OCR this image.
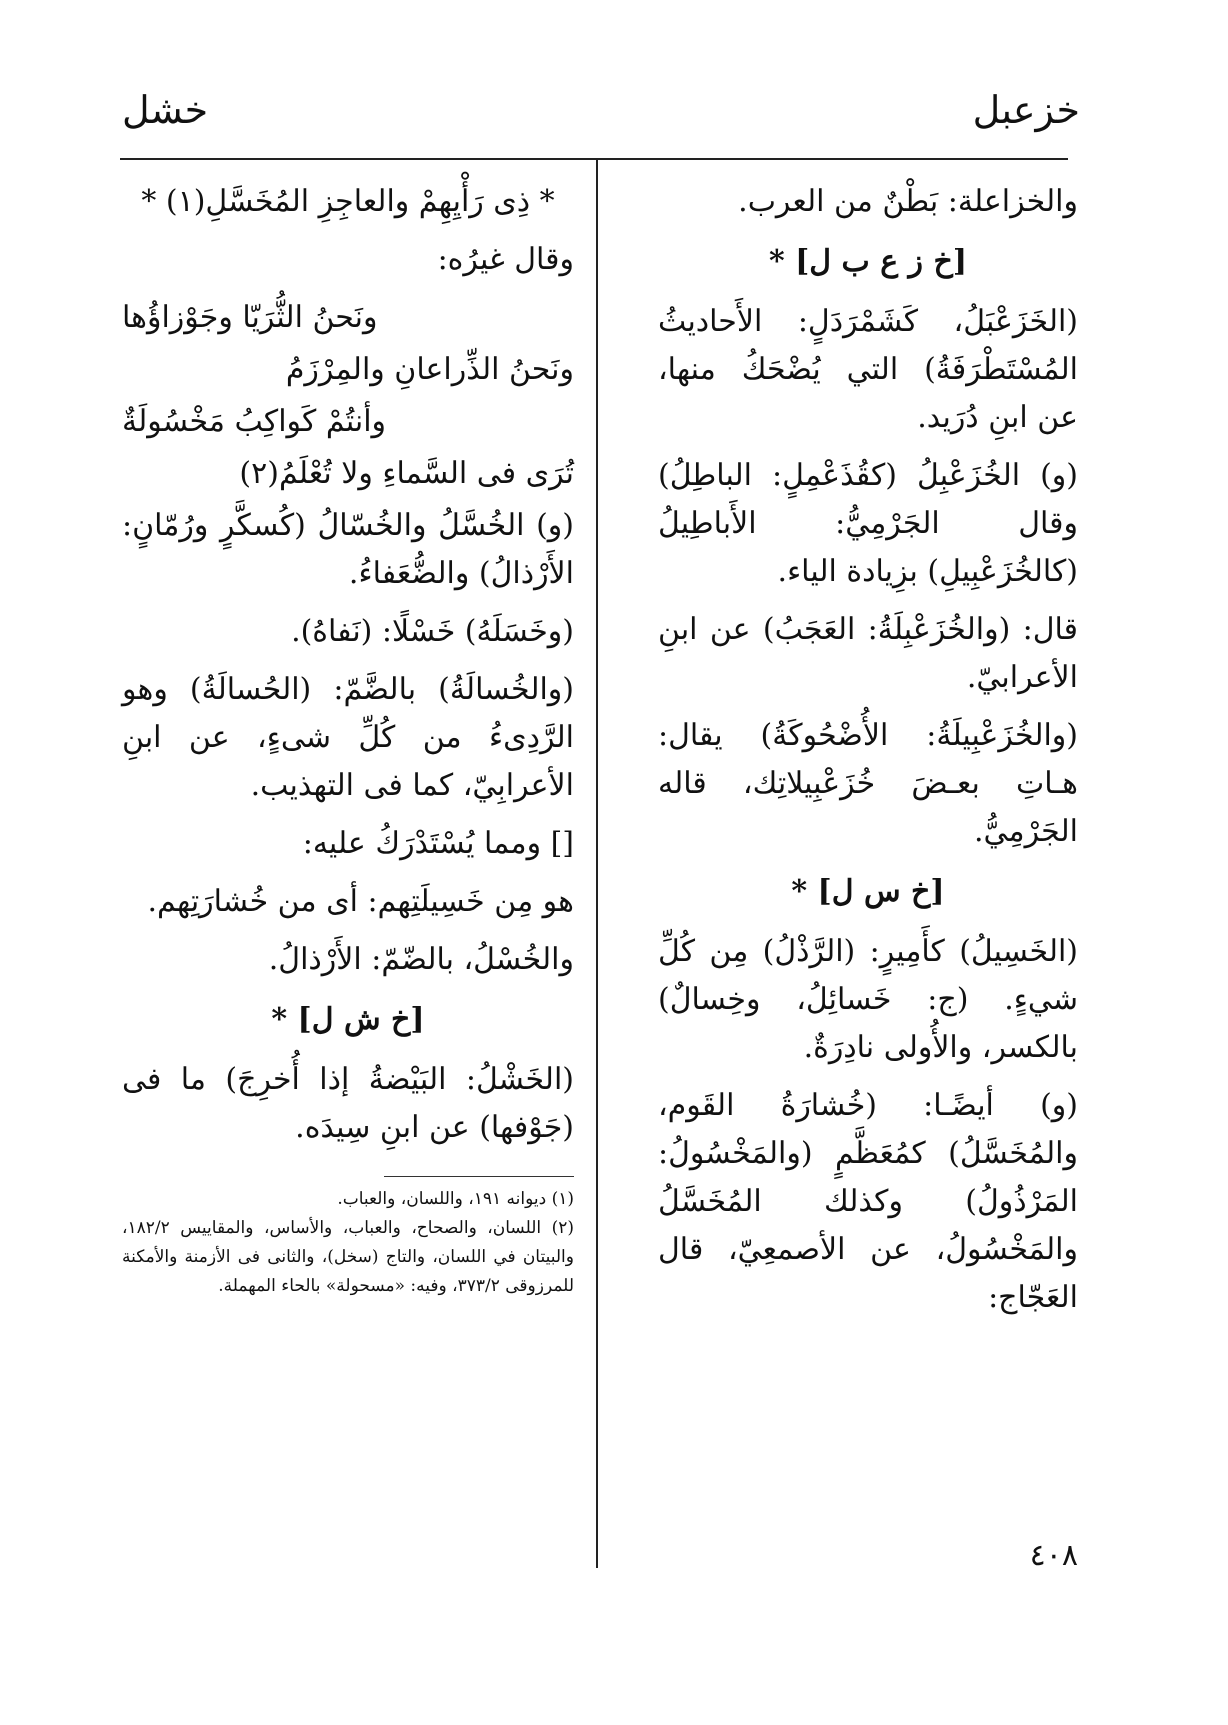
خزعبل
خشل

والخزاعلة: بَطْنٌ من العرب.

[خ ز ع ب ل] *

(الخَزَعْبَلُ، كَشَمْرَدَلٍ: الأَحاديثُ المُسْتَطْرَفَةُ) التي يُضْحَكُ منها، عن ابنِ دُرَيد.

(و) الخُزَعْبِلُ (كقُذَعْمِلٍ: الباطِلُ) وقال الجَرْمِيُّ: الأَباطِيلُ (كالخُزَعْبِيلِ) بزِيادة الياء.

قال: (والخُزَعْبِلَةُ: العَجَبُ) عن ابنِ الأعرابيّ.

(والخُزَعْبِيلَةُ: الأُضْحُوكَةُ) يقال: هـاتِ بعـضَ خُزَعْبِيلاتِك، قاله الجَرْمِيُّ.

[خ س ل] *

(الخَسِيلُ) كأَمِيرٍ: (الرَّذْلُ) مِن كُلِّ شيءٍ. (ج: خَسائِلُ، وخِسالٌ) بالكسر، والأُولى نادِرَةٌ.

(و) أيضًـا: (خُشارَةُ القَوم، والمُخَسَّلُ) كمُعَظَّمٍ (والمَخْسُولُ: المَرْذُولُ) وكذلك المُخَسَّلُ والمَخْسُولُ، عن الأصمعِيّ، قال العَجّاج:

* ذِى رَأْيِهِمْ والعاجِزِ المُخَسَّلِ(١) *

وقال غيرُه:

ونَحنُ الثُّرَيّا وجَوْزاؤُها

ونَحنُ الذِّراعانِ والمِرْزَمُ

وأنتُمْ كَواكِبُ مَخْسُولَةٌ

تُرَى فى السَّماءِ ولا تُعْلَمُ(٢)

(و) الخُسَّلُ والخُسّالُ (كُسكَّرٍ ورُمّانٍ: الأَرْذالُ) والضُّعَفاءُ.

(وخَسَلَهُ) خَسْلًا: (نَفاهُ).

(والخُسالَةُ) بالضَّمّ: (الحُسالَةُ) وهو الرَّدِىءُ من كُلِّ شىءٍ، عن ابنِ الأعرابِيّ، كما فى التهذيب.

[] ومما يُسْتَدْرَكُ عليه:

هو مِن خَسِيلَتِهم: أى من خُشارَتِهم.

والخُسْلُ، بالضّمّ: الأَرْذالُ.

[خ ش ل] *

(الخَشْلُ: البَيْضةُ إذا أُخرِجَ) ما فى (جَوْفها) عن ابنِ سِيدَه.

(١) ديوانه ١٩١، واللسان، والعباب.

(٢) اللسان، والصحاح، والعباب، والأساس، والمقاييس ١٨٢/٢، والبيتان في اللسان، والتاج (سخل)، والثانى فى الأزمنة والأمكنة للمرزوقى ٣٧٣/٢، وفيه: «مسحولة» بالحاء المهملة.

٤٠٨
